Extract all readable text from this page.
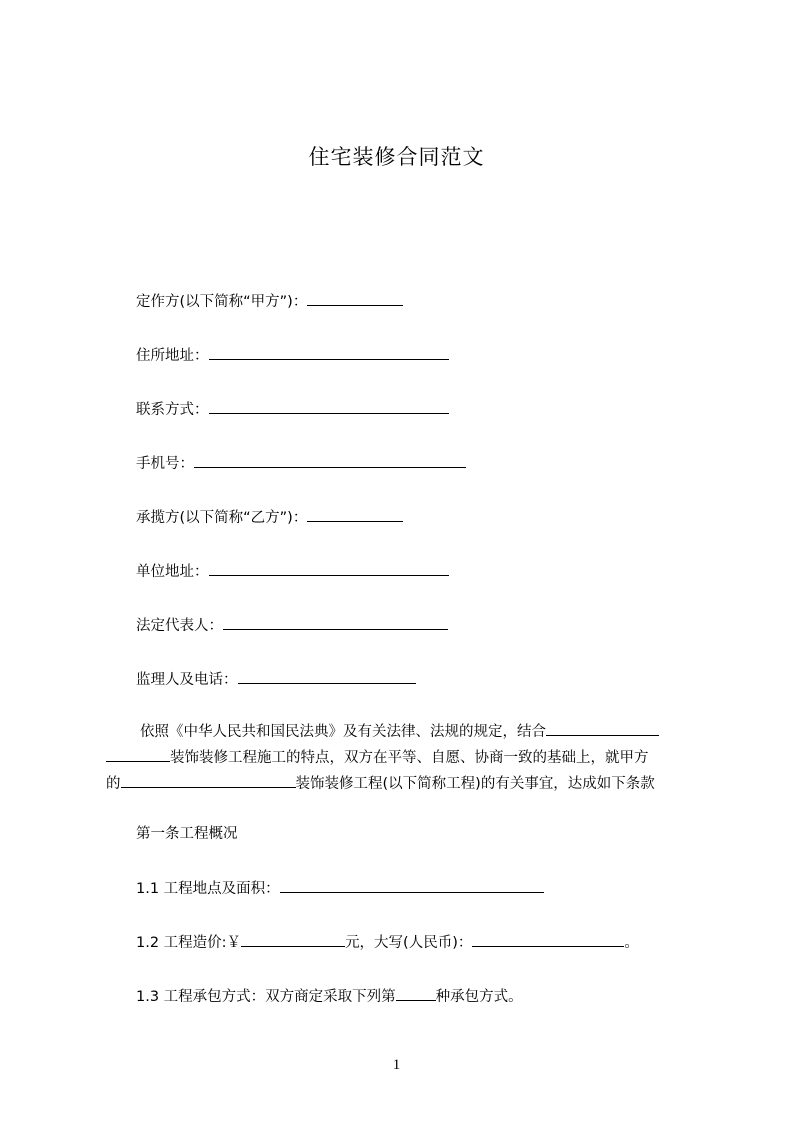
住宅装修合同范文
定作方(以下简称“甲方”)：
住所地址：
联系方式：
手机号：
承揽方(以下简称“乙方”)：
单位地址：
法定代表人：
监理人及电话：
依照《中华人民共和国民法典》及有关法律、法规的规定，结合
装饰装修工程施工的特点，双方在平等、自愿、协商一致的基础上，就甲方
的	装饰装修工程(以下简称工程)的有关事宜，达成如下条款
第一条工程概况
1.1 工程地点及面积：
1.2 工程造价:￥	元，大写(人民币)：	。
1.3 工程承包方式：双方商定采取下列第	种承包方式。
1
